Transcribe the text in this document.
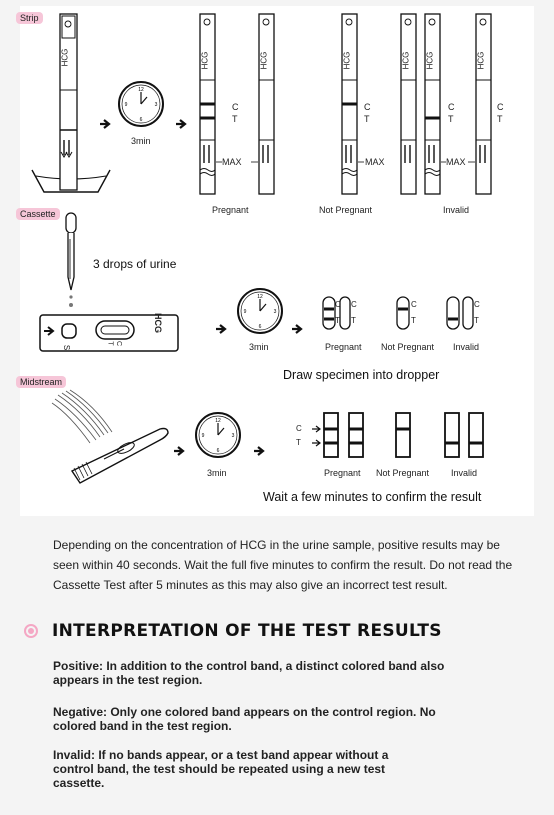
Strip
12
3
6
9
HCG	HCG	HCG	HCG	HCG HCG	HCG
3min
C
T
C
T
C
T
C
T
MAX	MAX	MAX
Pregnant	Not Pregnant	Invalid
Cassette
12
3
6
9
3 drops of urine
HCG
S
C
T	3min
C
T
C
T
C
T
C
T
Pregnant Not Pregnant Invalid
Draw specimen into dropper
Midstream
12
3
6
9
C
T
3min	Pregnant Not Pregnant Invalid
Wait a few minutes to confirm the result

Depending on the concentration of HCG in the urine sample, positive results may be seen within 40 seconds. Wait the full five minutes to confirm the result. Do not read the Cassette Test after 5 minutes as this may also give an incorrect test result.

INTERPRETATION OF THE TEST RESULTS

Positive: In addition to the control band, a distinct colored band also appears in the test region.

Negative: Only one colored band appears on the control region. No colored band in the test region.

Invalid: If no bands appear, or a test band appear without a control band, the test should be repeated using a new test cassette.
